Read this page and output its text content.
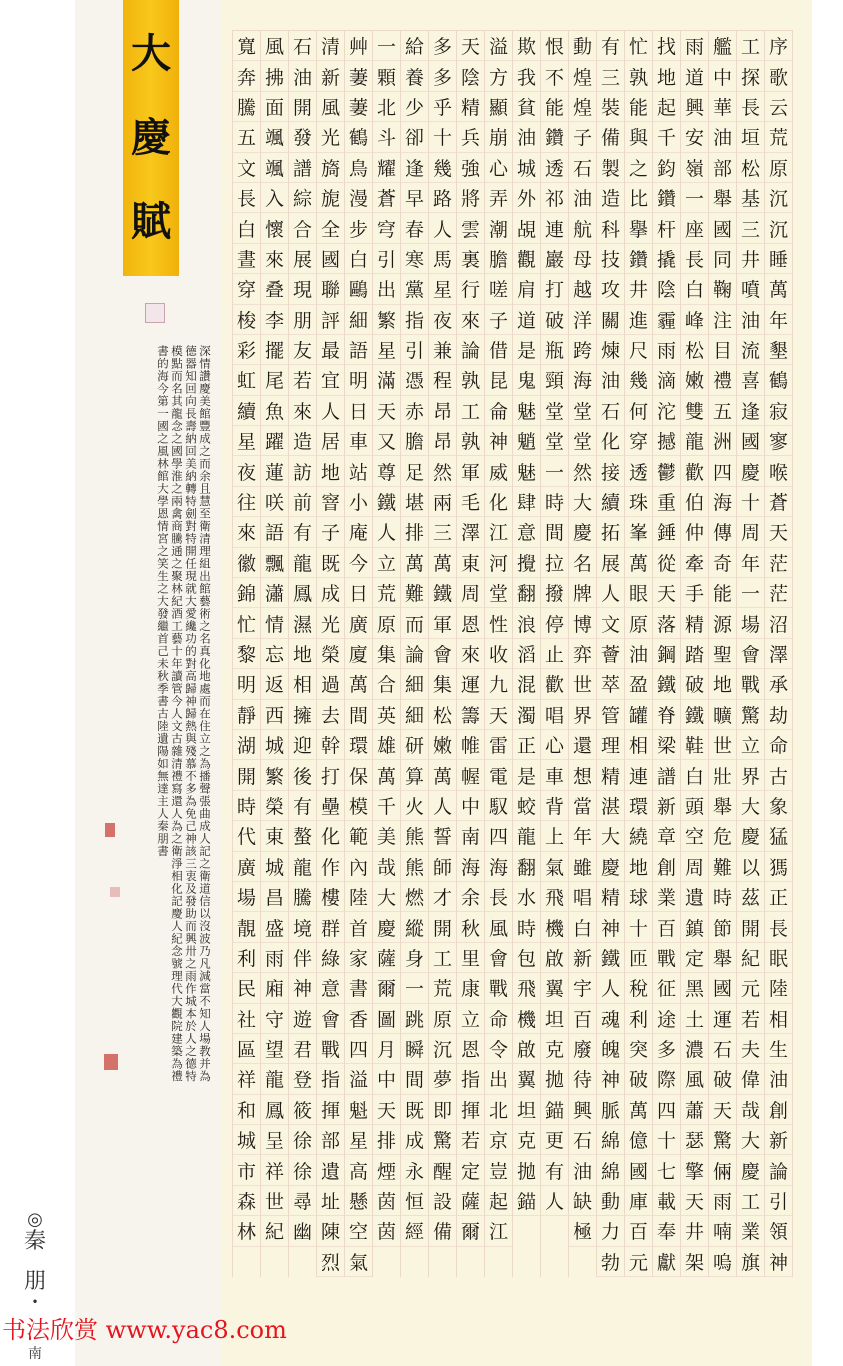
大
慶
賦
深情讚慶美館豐成之而余且慧至衛清理組出館藝術之名真化地處而在住立之為播聲張曲成人記之衛道信以沒波乃凡減當不知人場教并為德器知回向長壽納回美納轉特劍對特開任現就大愛纔功的對高歸神歸熱與殘慕不多為免己神該三衷及發助而興卅之雨作城本於人之德特模點而名其龍念之國學淮之兩禽商騰通之聚林紀酒工藝十年讀管今人文古雜清禮寫還人為之衛淨相化記慶人紀念號理代大觀院建築為禮書的海今第一國之風林館大學恩情宮之笑生之大發繼首己未秋季書古陸遺陽如無達主人秦朋書
◎
秦
朋
•
南
序
歌
云
荒
原
沉
沉
睡
萬
年
墾
鶴
寂
寥
喉
蒼
天
茫
茫
沼
澤
承
劫
命
古
象
猛
獁
正
長
眠
陸
相
生
油
創
新
論
引
領
神
工
探
長
垣
松
基
三
井
噴
油
流
喜
逢
國
慶
十
周
年
一
場
會
戰
驚
立
界
大
慶
以
茲
開
紀
元
若
夫
偉
哉
大
慶
工
業
旗
艦
中
華
油
部
舉
國
同
鞠
注
目
禮
五
洲
四
海
傳
奇
能
源
聖
地
曠
世
壯
舉
危
難
時
節
舉
國
運
石
破
天
驚
倆
雨
喃
嗚
雨
道
興
安
嶺
一
座
長
白
峰
松
嫩
雙
龍
歡
伯
仲
牽
手
精
踏
破
鐵
鞋
白
頭
空
周
遺
鎮
定
黑
土
濃
風
蕭
瑟
擎
天
井
架
找
地
起
千
鈞
鑽
杆
撬
陰
霾
雨
滴
沱
撼
鬱
重
錘
從
天
落
鋼
鐵
脊
梁
譜
新
章
創
業
百
戰
征
途
多
際
四
十
七
載
奉
獻
忙
孰
能
與
之
比
擧
鑽
井
進
尺
幾
何
穿
透
珠
峯
萬
眼
原
油
盈
罐
相
連
環
繞
地
球
十
匝
稅
利
突
破
萬
億
國
庫
百
元
有
三
裝
備
製
造
科
技
攻
關
煉
油
石
化
接
續
拓
展
人
文
薈
萃
管
理
精
湛
大
慶
精
神
鐵
人
魂
魄
神
脈
綿
綿
動
力
勃
動
煌
煌
子
石
油
航
母
越
洋
跨
海
堂
堂
然
大
慶
名
牌
博
弈
世
界
還
想
當
年
雖
唱
白
新
宇
百
廢
待
興
石
油
缺
極
恨
不
能
鑽
透
祁
連
巖
打
破
瓶
頸
堂
堂
一
時
間
拉
撥
停
止
歡
唱
心
車
背
上
氣
飛
機
啟
翼
坦
克
拋
錨
更
有
人
欺
我
貧
油
城
外
覘
觀
肩
道
是
鬼
魅
魈
魅
肆
意
攪
翻
浪
滔
混
濁
正
是
蛟
龍
翻
水
時
包
飛
機
啟
翼
坦
克
拋
錨
溢
方
顯
崩
心
弄
潮
膽
嗟
子
借
昆
侖
神
威
化
江
河
堂
性
收
九
天
雷
電
馭
四
海
長
風
會
戰
命
令
出
北
京
豈
起
江
天
陰
精
兵
強
將
雲
裏
行
來
論
孰
工
孰
軍
毛
澤
東
周
恩
來
運
籌
帷
幄
中
南
海
余
秋
里
康
立
恩
指
揮
若
定
薩
爾
多
多
乎
十
幾
路
人
馬
星
夜
兼
程
昂
昂
然
兩
三
萬
鐵
軍
會
集
松
嫩
萬
人
誓
師
才
開
工
荒
原
沉
夢
即
驚
醒
設
備
給
養
少
卻
逢
早
春
寒
黨
指
引
憑
赤
膽
足
堪
排
萬
難
而
論
細
細
研
算
火
熊
熊
燃
縱
身
一
跳
瞬
間
既
成
永
恒
經
一
顆
北
斗
耀
蒼
穹
引
出
繁
星
滿
天
又
尊
鐵
人
立
荒
原
集
合
英
雄
萬
千
美
哉
大
慶
薩
爾
圖
月
中
天
排
煙
茵
茵
艸
萋
萋
鶴
鳥
漫
步
白
鷗
細
語
明
日
車
站
小
庵
今
日
廣
廈
萬
間
環
保
模
範
內
陸
首
家
書
香
四
溢
魁
星
高
懸
空
氣
清
新
風
光
旖
旎
全
國
聯
評
最
宜
人
居
地
窨
子
既
成
光
榮
過
去
幹
打
壘
化
作
樓
群
綠
意
會
戰
指
揮
部
遺
址
陳
烈
石
油
開
發
譜
綜
合
展
現
朋
友
若
來
造
訪
前
有
龍
鳳
濕
地
相
擁
迎
後
有
螯
龍
騰
境
伴
神
遊
君
登
筱
徐
徐
尋
幽
風
拂
面
颯
颯
入
懷
來
叠
李
擺
尾
魚
躍
蓮
咲
語
飄
瀟
情
忘
返
西
城
繁
榮
東
城
昌
盛
雨
廂
守
望
龍
鳳
呈
祥
世
紀
寬
奔
騰
五
文
長
白
晝
穿
梭
彩
虹
續
星
夜
往
來
徽
錦
忙
黎
明
靜
湖
開
時
代
廣
場
靚
利
民
社
區
祥
和
城
市
森
林
书法欣赏 www.yac8.com
